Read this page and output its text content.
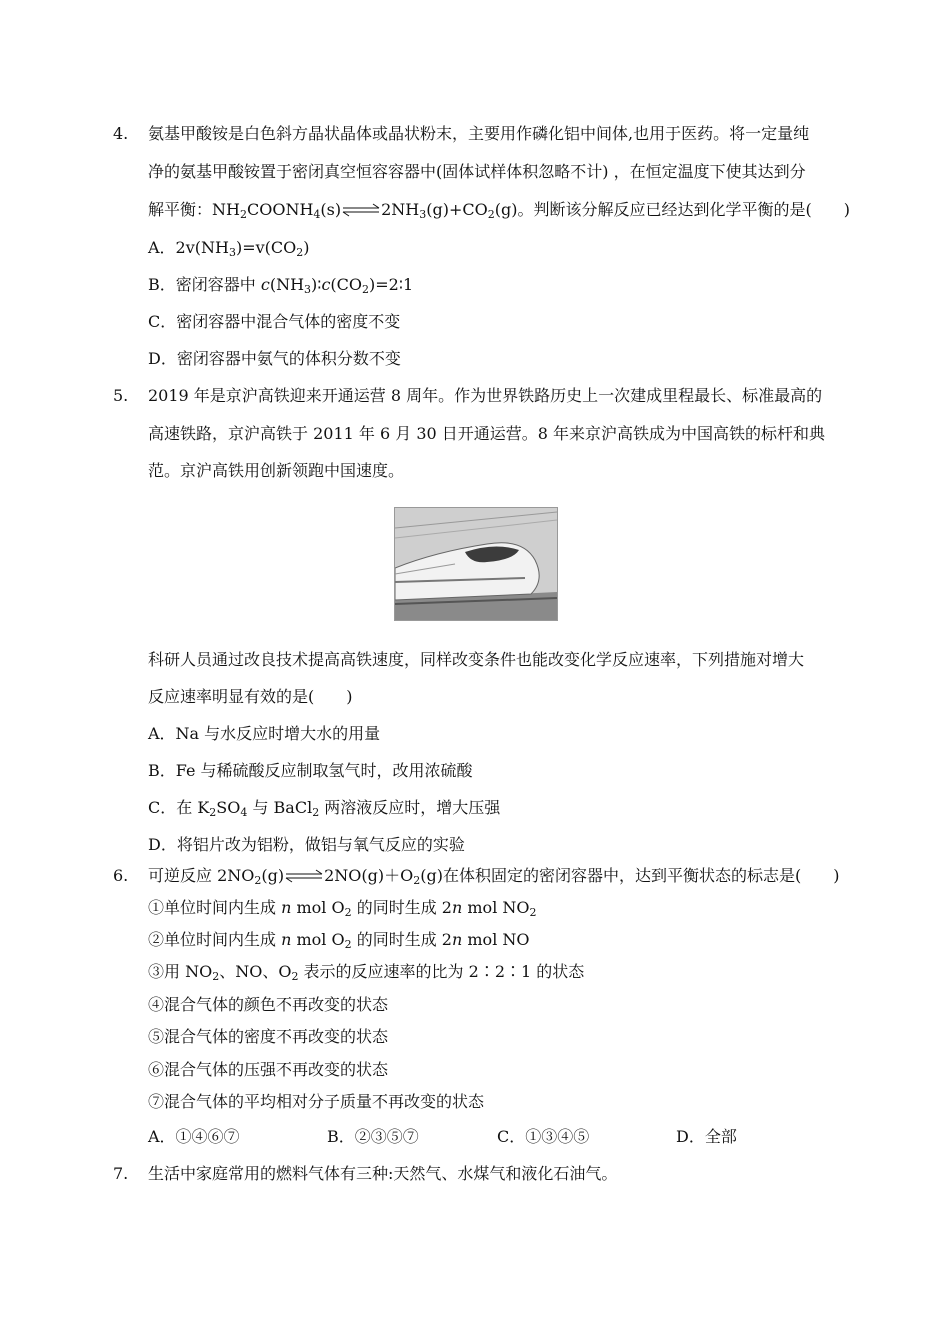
4. 氨基甲酸铵是白色斜方晶状晶体或晶状粉末，主要用作磷化铝中间体,也用于医药。将一定量纯
净的氨基甲酸铵置于密闭真空恒容容器中(固体试样体积忽略不计) ，在恒定温度下使其达到分
解平衡：$NH_2COONH_4(s)\rightleftharpoons 2NH_3(g)+CO_2(g)$。判断该分解反应已经达到化学平衡的是(　　)
A．$2v(NH_3)=v(CO_2)$
B．密闭容器中 $c(NH_3)∶c(CO_2)=2∶1$
C．密闭容器中混合气体的密度不变
D．密闭容器中氨气的体积分数不变
5. 2019 年是京沪高铁迎来开通运营 8 周年。作为世界铁路历史上一次建成里程最长、标准最高的
高速铁路，京沪高铁于 2011 年 6 月 30 日开通运营。8 年来京沪高铁成为中国高铁的标杆和典
范。京沪高铁用创新领跑中国速度。
科研人员通过改良技术提高高铁速度，同样改变条件也能改变化学反应速率，下列措施对增大
反应速率明显有效的是(　　)
A．Na 与水反应时增大水的用量
B．Fe 与稀硫酸反应制取氢气时，改用浓硫酸
C．在 $K_2SO_4$ 与 BaCl$_2$ 两溶液反应时，增大压强
D．将铝片改为铝粉，做铝与氧气反应的实验
6. 可逆反应 $2NO_2(g)\rightleftharpoons 2NO(g)+O_2(g)$在体积固定的密闭容器中，达到平衡状态的标志是(　　)
①单位时间内生成 n mol $O_2$ 的同时生成 2n mol $NO_2$
②单位时间内生成 n mol $O_2$ 的同时生成 2n mol NO
③用 $NO_2$、NO、$O_2$ 表示的反应速率的比为 2∶2∶1 的状态
④混合气体的颜色不再改变的状态
⑤混合气体的密度不再改变的状态
⑥混合气体的压强不再改变的状态
⑦混合气体的平均相对分子质量不再改变的状态
A．①④⑥⑦	B．②③⑤⑦	C．①③④⑤	D．全部
7. 生活中家庭常用的燃料气体有三种:天然气、水煤气和液化石油气。
